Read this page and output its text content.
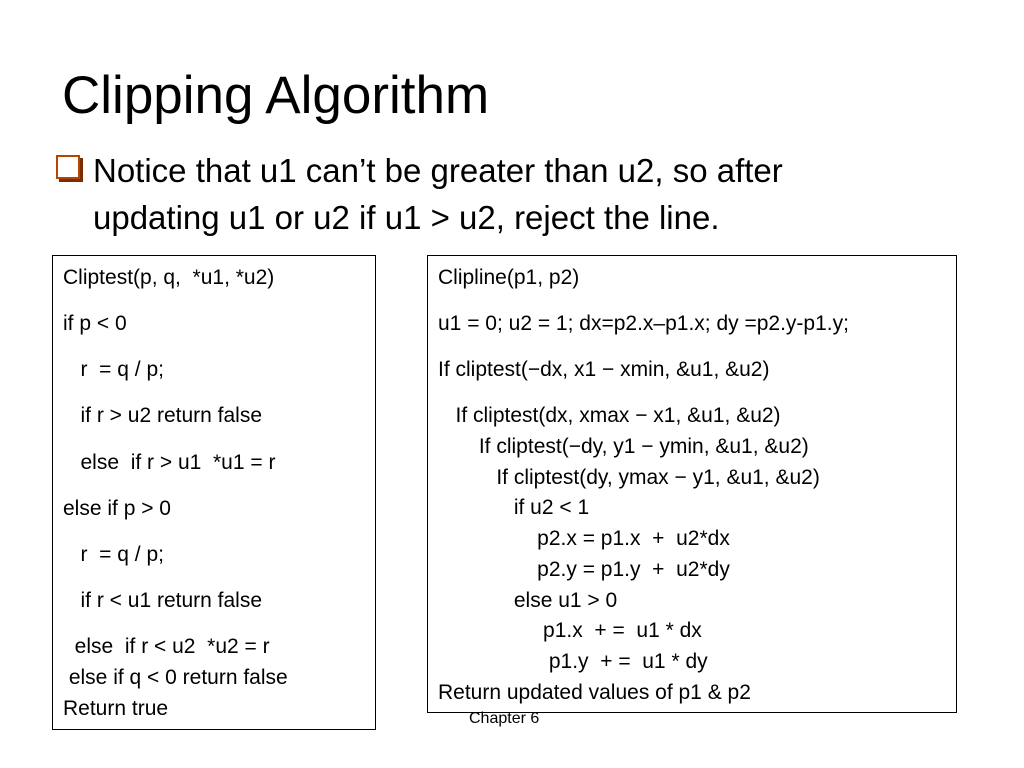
Clipping Algorithm
Notice that u1 can’t be greater than u2, so after
updating u1 or u2 if u1 > u2, reject the line.
Cliptest(p, q,  *u1, *u2)
if p < 0
r  = q / p;
if r > u2 return false
else  if r > u1  *u1 = r
else if p > 0
r  = q / p;
if r < u1 return false
else  if r < u2  *u2 = r
else if q < 0 return false
Return true
Clipline(p1, p2)
u1 = 0; u2 = 1; dx=p2.x–p1.x; dy =p2.y-p1.y;
If cliptest(−dx, x1 − xmin, &u1, &u2)
If cliptest(dx, xmax − x1, &u1, &u2)
If cliptest(−dy, y1 − ymin, &u1, &u2)
If cliptest(dy, ymax − y1, &u1, &u2)
if u2 < 1
p2.x = p1.x  +  u2*dx
p2.y = p1.y  +  u2*dy
else u1 > 0
p1.x  + =  u1 * dx
p1.y  + =  u1 * dy
Return updated values of p1 & p2
Chapter 6
